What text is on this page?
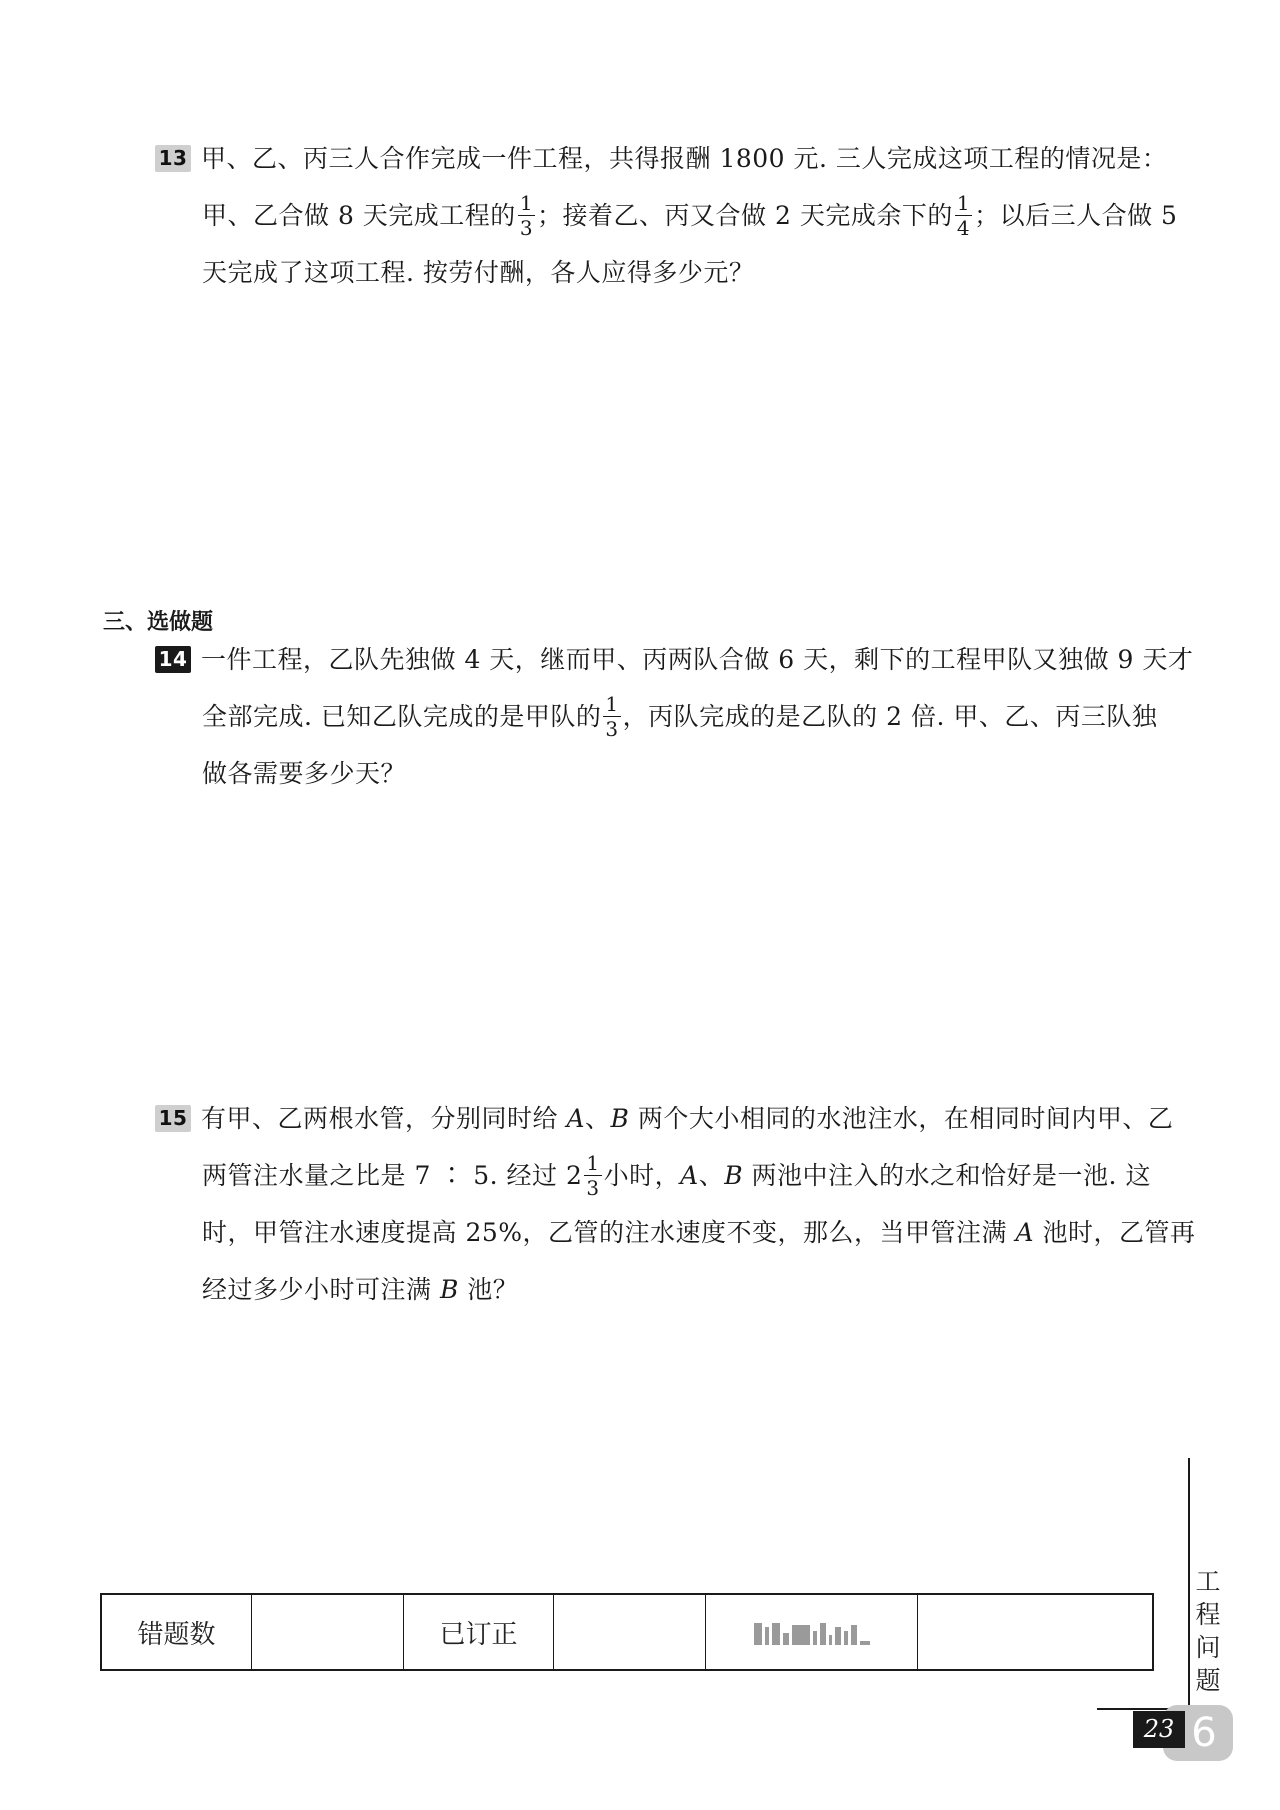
13 甲、乙、丙三人合作完成一件工程，共得报酬 1800 元. 三人完成这项工程的情况是：
甲、乙合做 8 天完成工程的 $\frac{1}{3}$ ；接着乙、丙又合做 2 天完成余下的 $\frac{1}{4}$ ；以后三人合做 5
天完成了这项工程. 按劳付酬，各人应得多少元？
三、选做题
14 一件工程，乙队先独做 4 天，继而甲、丙两队合做 6 天，剩下的工程甲队又独做 9 天才
全部完成. 已知乙队完成的是甲队的 $\frac{1}{3}$ ，丙队完成的是乙队的 2 倍. 甲、乙、丙三队独
做各需要多少天？
15 有甲、乙两根水管，分别同时给 A、B 两个大小相同的水池注水，在相同时间内甲、乙
两管注水量之比是 7 ∶ 5. 经过 $2 \frac{1}{3}$ 小时，A、B 两池中注入的水之和恰好是一池. 这
时，甲管注水速度提高 25%，乙管的注水速度不变，那么，当甲管注满 A 池时，乙管再
经过多少小时可注满 B 池？
错题数	已订正
工
程
问
题
6
23
